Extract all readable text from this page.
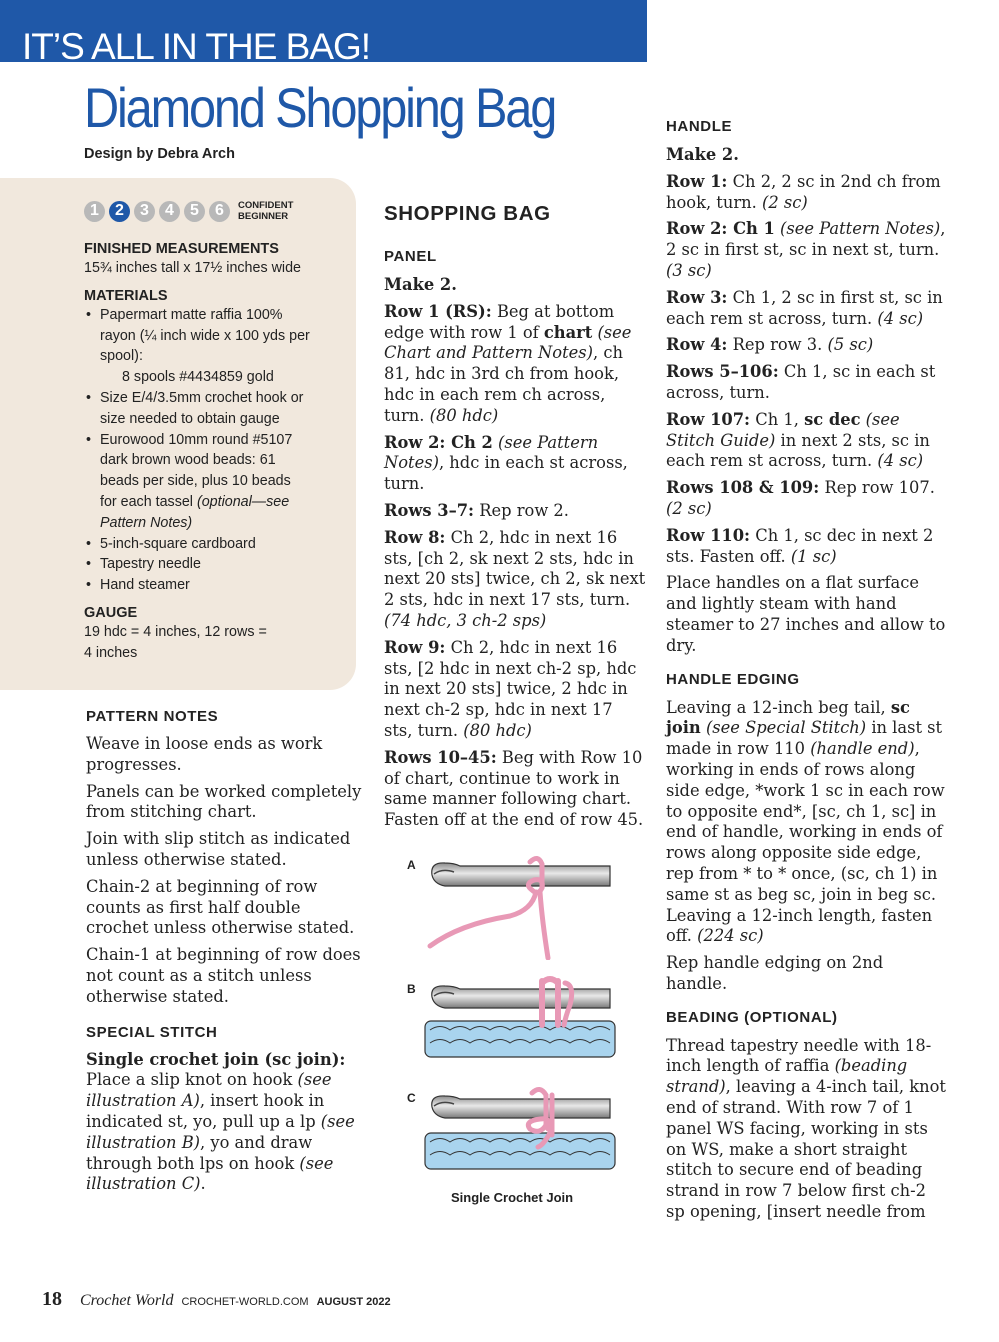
IT’S ALL IN THE BAG!
Diamond Shopping Bag
Design by Debra Arch
1	2	3	4	5	6	CONFIDENT
BEGINNER

FINISHED MEASUREMENTS

15¾ inches tall x 17½ inches wide

MATERIALS

• Papermart matte raffia 100%
rayon (¼ inch wide x 100 yds per
spool):
8 spools #4434859 gold
• Size E/4/3.5mm crochet hook or
size needed to obtain gauge
• Eurowood 10mm round #5107
dark brown wood beads: 61
beads per side, plus 10 beads
for each tassel (optional—see
Pattern Notes)
• 5-inch-square cardboard
• Tapestry needle
• Hand steamer

GAUGE

19 hdc = 4 inches, 12 rows =
4 inches

PATTERN NOTES

Weave in loose ends as work progresses.

Panels can be worked completely from stitching chart.

Join with slip stitch as indicated unless otherwise stated.

Chain-2 at beginning of row counts as first half double crochet unless otherwise stated.

Chain-1 at beginning of row does not count as a stitch unless otherwise stated.

SPECIAL STITCH

Single crochet join (sc join): Place a slip knot on hook (see illustration A), insert hook in indicated st, yo, pull up a lp (see illustration B), yo and draw through both lps on hook (see illustration C).

SHOPPING BAG

PANEL

Make 2.

Row 1 (RS): Beg at bottom edge with row 1 of chart (see Chart and Pattern Notes), ch 81, hdc in 3rd ch from hook, hdc in each rem ch across, turn. (80 hdc)

Row 2: Ch 2 (see Pattern Notes), hdc in each st across, turn.

Rows 3–7: Rep row 2.

Row 8: Ch 2, hdc in next 16 sts, [ch 2, sk next 2 sts, hdc in next 20 sts] twice, ch 2, sk next 2 sts, hdc in next 17 sts, turn. (74 hdc, 3 ch-2 sps)

Row 9: Ch 2, hdc in next 16 sts, [2 hdc in next ch-2 sp, hdc in next 20 sts] twice, 2 hdc in next ch-2 sp, hdc in next 17 sts, turn. (80 hdc)

Rows 10–45: Beg with Row 10 of chart, continue to work in same manner following chart. Fasten off at the end of row 45.

A
B
C
Single Crochet Join

HANDLE

Make 2.

Row 1: Ch 2, 2 sc in 2nd ch from hook, turn. (2 sc)

Row 2: Ch 1 (see Pattern Notes), 2 sc in first st, sc in next st, turn. (3 sc)

Row 3: Ch 1, 2 sc in first st, sc in each rem st across, turn. (4 sc)

Row 4: Rep row 3. (5 sc)

Rows 5–106: Ch 1, sc in each st across, turn.

Row 107: Ch 1, sc dec (see Stitch Guide) in next 2 sts, sc in each rem st across, turn. (4 sc)

Rows 108 & 109: Rep row 107. (2 sc)

Row 110: Ch 1, sc dec in next 2 sts. Fasten off. (1 sc)

Place handles on a flat surface and lightly steam with hand steamer to 27 inches and allow to dry.

HANDLE EDGING

Leaving a 12-inch beg tail, sc join (see Special Stitch) in last st made in row 110 (handle end), working in ends of rows along side edge, *work 1 sc in each row to opposite end*, [sc, ch 1, sc] in end of handle, working in ends of rows along opposite side edge, rep from * to * once, (sc, ch 1) in same st as beg sc, join in beg sc. Leaving a 12-inch length, fasten off. (224 sc)

Rep handle edging on 2nd handle.

BEADING (OPTIONAL)

Thread tapestry needle with 18-inch length of raffia (beading strand), leaving a 4-inch tail, knot end of strand. With row 7 of 1 panel WS facing, working in sts on WS, make a short straight stitch to secure end of beading strand in row 7 below first ch-2 sp opening, [insert needle from

18 Crochet World CROCHET-WORLD.COM AUGUST 2022
